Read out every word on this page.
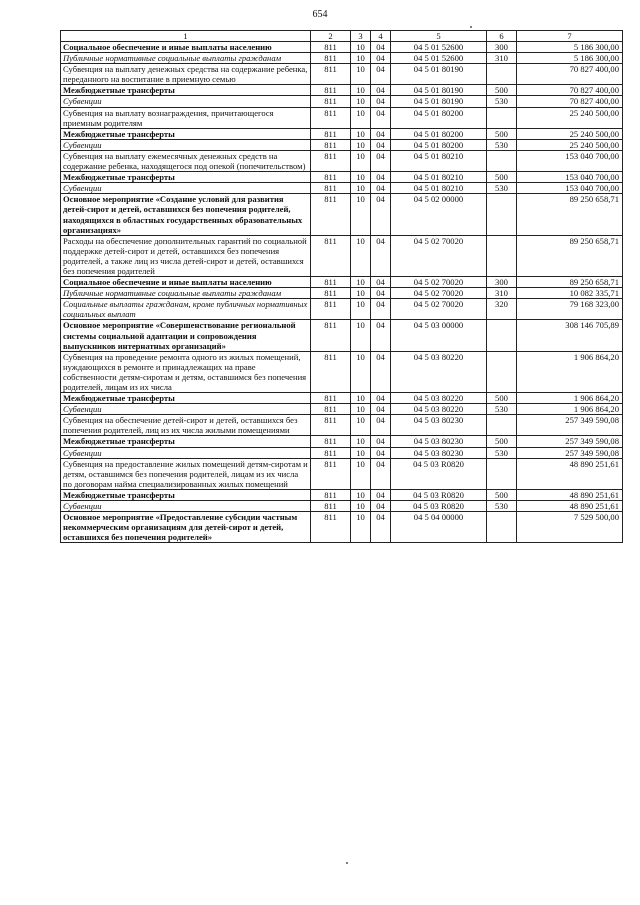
654
1	2	3	4	5	6	7
Социальное обеспечение и иные выплаты населению	811	10	04	04 5 01 52600	300	5 186 300,00
Публичные нормативные социальные выплаты гражданам	811	10	04	04 5 01 52600	310	5 186 300,00
Субвенция на выплату денежных средства на содержание ребенка, переданного на воспитание в приемную семью	811	10	04	04 5 01 80190		70 827 400,00
Межбюджетные трансферты	811	10	04	04 5 01 80190	500	70 827 400,00
Субвенции	811	10	04	04 5 01 80190	530	70 827 400,00
Субвенция на выплату вознаграждения, причитающегося приемным родителям	811	10	04	04 5 01 80200		25 240 500,00
Межбюджетные трансферты	811	10	04	04 5 01 80200	500	25 240 500,00
Субвенции	811	10	04	04 5 01 80200	530	25 240 500,00
Субвенция на выплату ежемесячных денежных средств на содержание ребенка, находящегося под опекой (попечительством)	811	10	04	04 5 01 80210		153 040 700,00
Межбюджетные трансферты	811	10	04	04 5 01 80210	500	153 040 700,00
Субвенции	811	10	04	04 5 01 80210	530	153 040 700,00
Основное мероприятие «Создание условий для развития детей-сирот и детей, оставшихся без попечения родителей, находящихся в областных государственных образовательных организациях»	811	10	04	04 5 02 00000		89 250 658,71
Расходы на обеспечение дополнительных гарантий по социальной поддержке детей-сирот и детей, оставшихся без попечения родителей, а также лиц из числа детей-сирот и детей, оставшихся без попечения родителей	811	10	04	04 5 02 70020		89 250 658,71
Социальное обеспечение и иные выплаты населению	811	10	04	04 5 02 70020	300	89 250 658,71
Публичные нормативные социальные выплаты гражданам	811	10	04	04 5 02 70020	310	10 082 335,71
Социальные выплаты гражданам, кроме публичных нормативных социальных выплат	811	10	04	04 5 02 70020	320	79 168 323,00
Основное мероприятие «Совершенствование региональной системы социальной адаптации и сопровождения выпускников интернатных организаций»	811	10	04	04 5 03 00000		308 146 705,89
Субвенция на проведение ремонта одного из жилых помещений, нуждающихся в ремонте и принадлежащих на праве собственности детям-сиротам и детям, оставшимся без попечения родителей, лицам из их числа	811	10	04	04 5 03 80220		1 906 864,20
Межбюджетные трансферты	811	10	04	04 5 03 80220	500	1 906 864,20
Субвенции	811	10	04	04 5 03 80220	530	1 906 864,20
Субвенция на обеспечение детей-сирот и детей, оставшихся без попечения родителей, лиц из их числа жилыми помещениями	811	10	04	04 5 03 80230		257 349 590,08
Межбюджетные трансферты	811	10	04	04 5 03 80230	500	257 349 590,08
Субвенции	811	10	04	04 5 03 80230	530	257 349 590,08
Субвенция на предоставление жилых помещений детям-сиротам и детям, оставшимся без попечения родителей, лицам из их числа по договорам найма специализированных жилых помещений	811	10	04	04 5 03 R0820		48 890 251,61
Межбюджетные трансферты	811	10	04	04 5 03 R0820	500	48 890 251,61
Субвенции	811	10	04	04 5 03 R0820	530	48 890 251,61
Основное мероприятие «Предоставление субсидии частным некоммерческим организациям для детей-сирот и детей, оставшихся без попечения родителей»	811	10	04	04 5 04 00000		7 529 500,00
